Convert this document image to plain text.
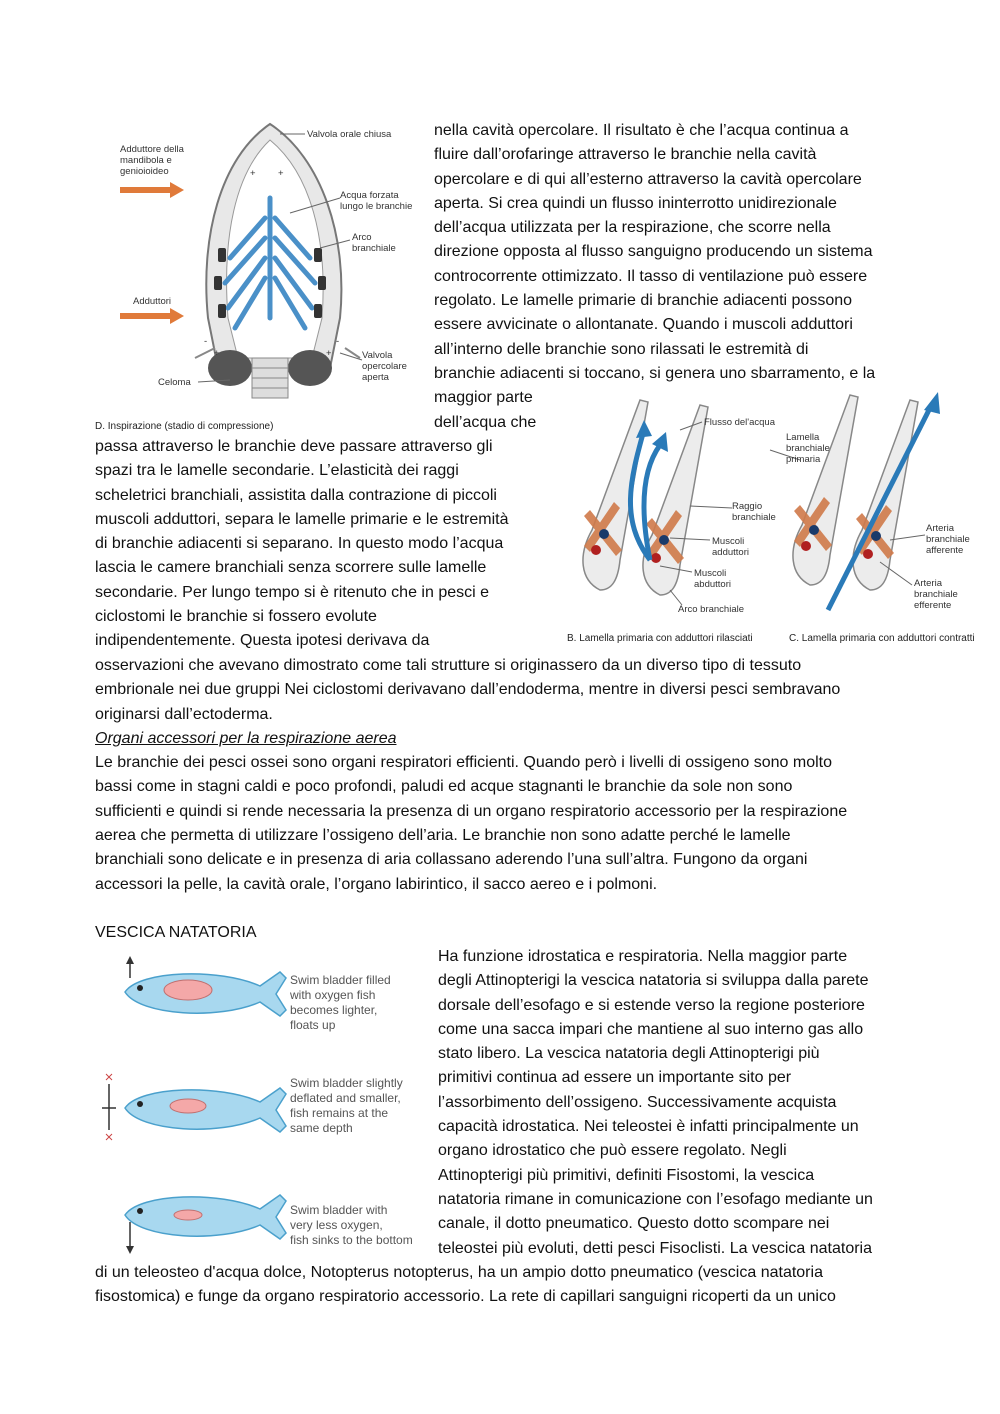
+ +
-
+	+
-
Adduttore della mandibola e genioioideo
Valvola orale chiusa
Acqua forzata lungo le branchie
Arco branchiale
Adduttori
Valvola opercolare aperta
Celoma
D. Inspirazione (stadio di compressione)	Flusso del'acqua
Raggio branchiale
Muscoli adduttori
Muscoli abduttori
Arco branchiale
Lamella branchiale primaria
Arteria branchiale afferente
Arteria branchiale efferente
B. Lamella primaria con adduttori rilasciati	C. Lamella primaria con adduttori contratti
Swim bladder filled with oxygen fish becomes lighter, floats up
Swim bladder slightly deflated and smaller, fish remains at the same depth
Swim bladder with very less oxygen, fish sinks to the bottom
nella cavità opercolare. Il risultato è che l’acqua continua a
fluire dall’orofaringe attraverso le branchie nella cavità
opercolare e di qui all’esterno attraverso la cavità opercolare
aperta. Si crea quindi un flusso ininterrotto unidirezionale
dell’acqua utilizzata per la respirazione, che scorre nella
direzione opposta al flusso sanguigno producendo un sistema
controcorrente ottimizzato. Il tasso di ventilazione può essere
regolato. Le lamelle primarie di branchie adiacenti possono
essere avvicinate o allontanate. Quando i muscoli adduttori
all’interno delle branchie sono rilassati le estremità di
branchie adiacenti si toccano, si genera uno sbarramento, e la
maggior parte
dell’acqua che
passa attraverso le branchie deve passare attraverso gli
spazi tra le lamelle secondarie. L’elasticità dei raggi
scheletrici branchiali, assistita dalla contrazione di piccoli
muscoli adduttori, separa le lamelle primarie e le estremità
di branchie adiacenti si separano. In questo modo l’acqua
lascia le camere branchiali senza scorrere sulle lamelle
secondarie. Per lungo tempo si è ritenuto che in pesci e
ciclostomi le branchie si fossero evolute
indipendentemente. Questa ipotesi derivava da
osservazioni che avevano dimostrato come tali strutture si originassero da un diverso tipo di tessuto
embrionale nei due gruppi Nei ciclostomi derivavano dall’endoderma, mentre in diversi pesci sembravano
originarsi dall’ectoderma.
Organi accessori per la respirazione aerea
Le branchie dei pesci ossei sono organi respiratori efficienti. Quando però i livelli di ossigeno sono molto
bassi come in stagni caldi e poco profondi, paludi ed acque stagnanti le branchie da sole non sono
sufficienti e quindi si rende necessaria la presenza di un organo respiratorio accessorio per la respirazione
aerea che permetta di utilizzare l’ossigeno dell’aria. Le branchie non sono adatte perché le lamelle
branchiali sono delicate e in presenza di aria collassano aderendo l’una sull’altra. Fungono da organi
accessori la pelle, la cavità orale, l’organo labirintico, il sacco aereo e i polmoni.
VESCICA NATATORIA
Ha funzione idrostatica e respiratoria. Nella maggior parte
degli Attinopterigi la vescica natatoria si sviluppa dalla parete
dorsale dell’esofago e si estende verso la regione posteriore
come una sacca impari che mantiene al suo interno gas allo
stato libero. La vescica natatoria degli Attinopterigi più
primitivi continua ad essere un importante sito per
l’assorbimento dell’ossigeno. Successivamente acquista
capacità idrostatica. Nei teleostei è infatti principalmente un
organo idrostatico che può essere regolato. Negli
Attinopterigi più primitivi, definiti Fisostomi, la vescica
natatoria rimane in comunicazione con l’esofago mediante un
canale, il dotto pneumatico. Questo dotto scompare nei
teleostei più evoluti, detti pesci Fisoclisti. La vescica natatoria
di un teleosteo d'acqua dolce, Notopterus notopterus, ha un ampio dotto pneumatico (vescica natatoria
fisostomica) e funge da organo respiratorio accessorio. La rete di capillari sanguigni ricoperti da un unico
